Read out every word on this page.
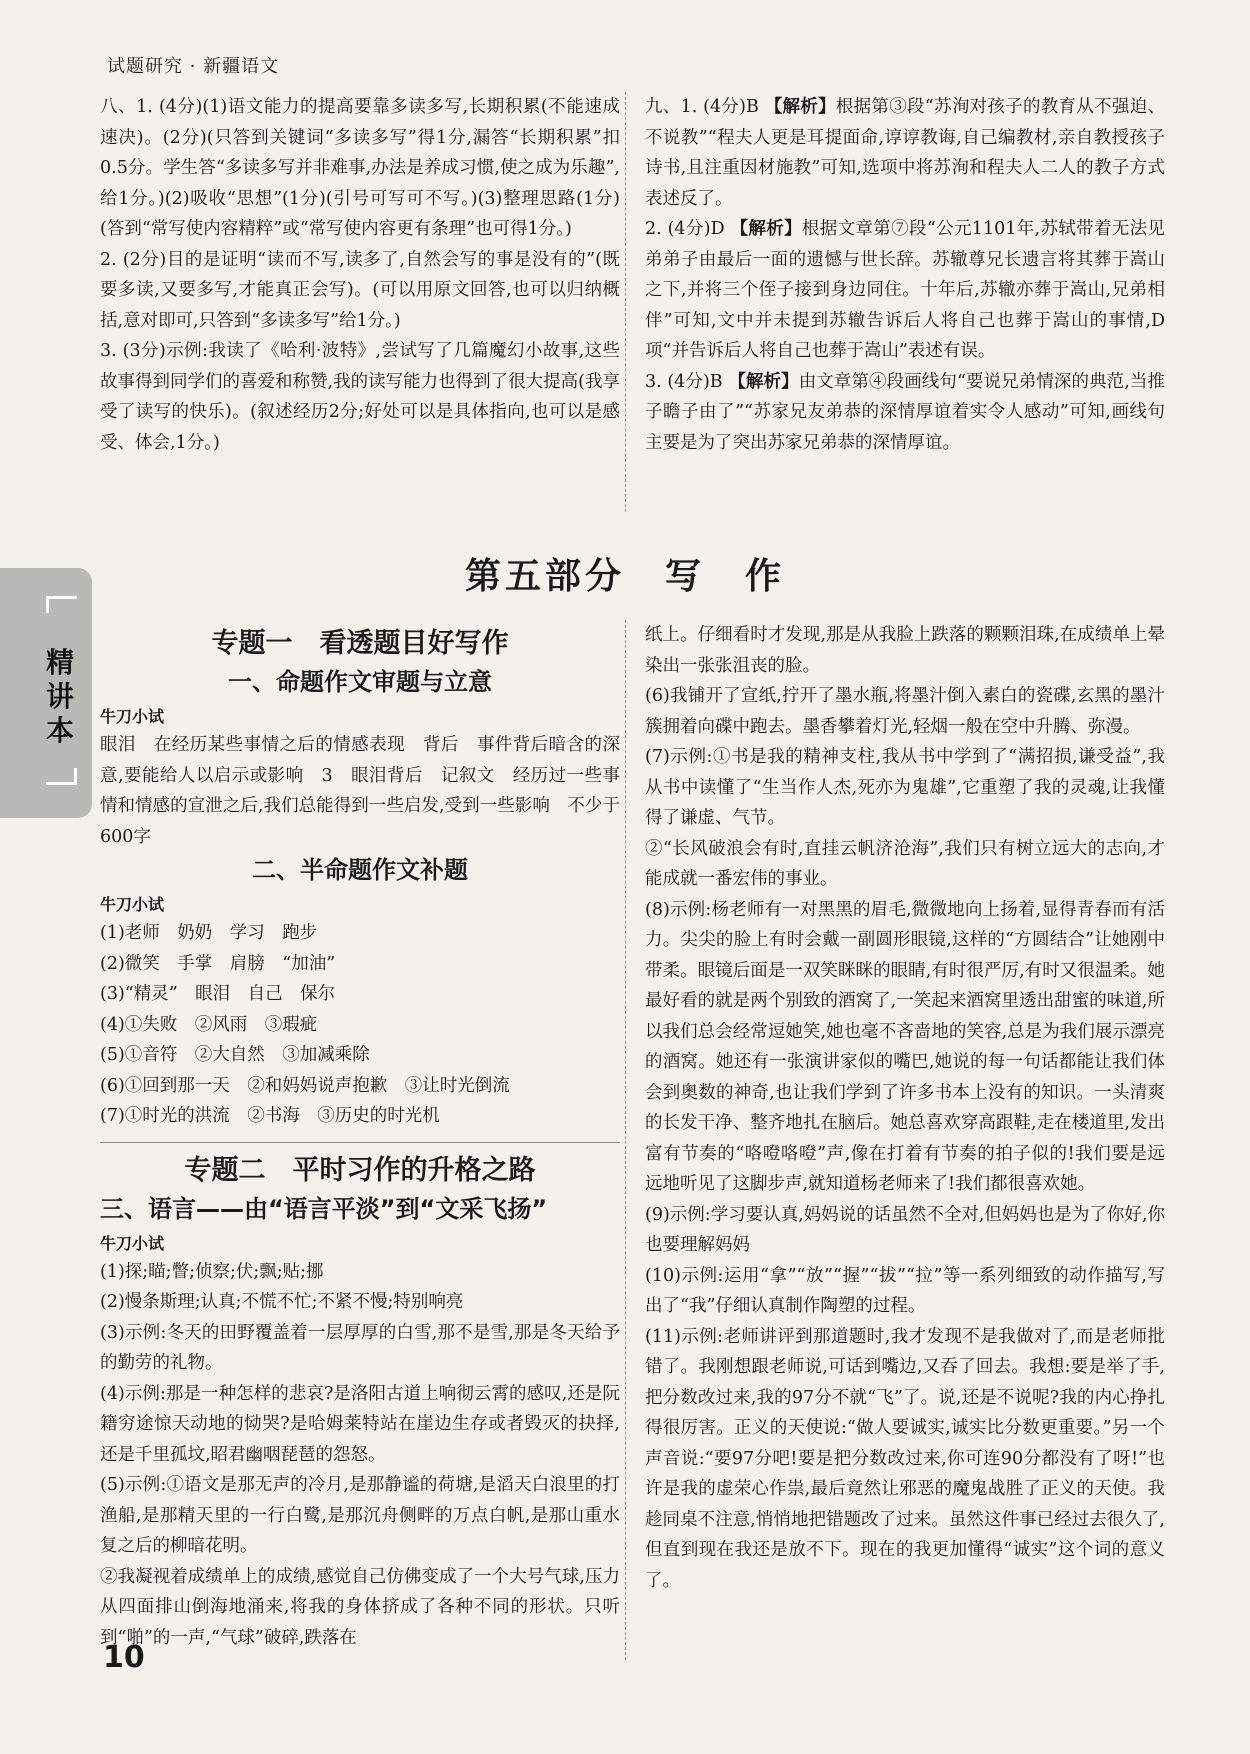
试题研究 · 新疆语文

八、1. (4分)(1)语文能力的提高要靠多读多写,长期积累(不能速成速决)。(2分)(只答到关键词“多读多写”得1分,漏答“长期积累”扣0.5分。学生答“多读多写并非难事,办法是养成习惯,使之成为乐趣”,给1分。)(2)吸收“思想”(1分)(引号可写可不写。)(3)整理思路(1分)(答到“常写使内容精粹”或“常写使内容更有条理”也可得1分。)

2. (2分)目的是证明“读而不写,读多了,自然会写的事是没有的”(既要多读,又要多写,才能真正会写)。(可以用原文回答,也可以归纳概括,意对即可,只答到“多读多写”给1分。)

3. (3分)示例:我读了《哈利·波特》,尝试写了几篇魔幻小故事,这些故事得到同学们的喜爱和称赞,我的读写能力也得到了很大提高(我享受了读写的快乐)。(叙述经历2分;好处可以是具体指向,也可以是感受、体会,1分。)

九、1. (4分)B 【解析】根据第③段“苏洵对孩子的教育从不强迫、不说教”“程夫人更是耳提面命,谆谆教诲,自己编教材,亲自教授孩子诗书,且注重因材施教”可知,选项中将苏洵和程夫人二人的教子方式表述反了。

2. (4分)D 【解析】根据文章第⑦段“公元1101年,苏轼带着无法见弟弟子由最后一面的遗憾与世长辞。苏辙尊兄长遗言将其葬于嵩山之下,并将三个侄子接到身边同住。十年后,苏辙亦葬于嵩山,兄弟相伴”可知,文中并未提到苏辙告诉后人将自己也葬于嵩山的事情,D项“并告诉后人将自己也葬于嵩山”表述有误。

3. (4分)B 【解析】由文章第④段画线句“要说兄弟情深的典范,当推子瞻子由了”“苏家兄友弟恭的深情厚谊着实令人感动”可知,画线句主要是为了突出苏家兄弟恭的深情厚谊。

第五部分　写　作
精
讲
本
专题一　看透题目好写作
一、命题作文审题与立意
牛刀小试

眼泪　在经历某些事情之后的情感表现　背后　事件背后暗含的深意,要能给人以启示或影响　3　眼泪背后　记叙文　经历过一些事情和情感的宣泄之后,我们总能得到一些启发,受到一些影响　不少于600字

二、半命题作文补题
牛刀小试

(1)老师　奶奶　学习　跑步

(2)微笑　手掌　肩膀　“加油”

(3)“精灵”　眼泪　自己　保尔

(4)①失败　②风雨　③瑕疵

(5)①音符　②大自然　③加减乘除

(6)①回到那一天　②和妈妈说声抱歉　③让时光倒流

(7)①时光的洪流　②书海　③历史的时光机

专题二　平时习作的升格之路
三、语言——由“语言平淡”到“文采飞扬”
牛刀小试

(1)探;瞄;瞥;侦察;伏;飘;贴;挪

(2)慢条斯理;认真;不慌不忙;不紧不慢;特别响亮

(3)示例:冬天的田野覆盖着一层厚厚的白雪,那不是雪,那是冬天给予的勤劳的礼物。

(4)示例:那是一种怎样的悲哀?是洛阳古道上响彻云霄的感叹,还是阮籍穷途惊天动地的恸哭?是哈姆莱特站在崖边生存或者毁灭的抉择,还是千里孤坟,昭君幽咽琵琶的怨怒。

(5)示例:①语文是那无声的冷月,是那静谧的荷塘,是滔天白浪里的打渔船,是那精天里的一行白鹭,是那沉舟侧畔的万点白帆,是那山重水复之后的柳暗花明。

②我凝视着成绩单上的成绩,感觉自己仿佛变成了一个大号气球,压力从四面排山倒海地涌来,将我的身体挤成了各种不同的形状。只听到“啪”的一声,“气球”破碎,跌落在

纸上。仔细看时才发现,那是从我脸上跌落的颗颗泪珠,在成绩单上晕染出一张张沮丧的脸。

(6)我铺开了宣纸,拧开了墨水瓶,将墨汁倒入素白的瓷碟,玄黑的墨汁簇拥着向碟中跑去。墨香攀着灯光,轻烟一般在空中升腾、弥漫。

(7)示例:①书是我的精神支柱,我从书中学到了“满招损,谦受益”,我从书中读懂了“生当作人杰,死亦为鬼雄”,它重塑了我的灵魂,让我懂得了谦虚、气节。

②“长风破浪会有时,直挂云帆济沧海”,我们只有树立远大的志向,才能成就一番宏伟的事业。

(8)示例:杨老师有一对黑黑的眉毛,微微地向上扬着,显得青春而有活力。尖尖的脸上有时会戴一副圆形眼镜,这样的“方圆结合”让她刚中带柔。眼镜后面是一双笑眯眯的眼睛,有时很严厉,有时又很温柔。她最好看的就是两个别致的酒窝了,一笑起来酒窝里透出甜蜜的味道,所以我们总会经常逗她笑,她也毫不吝啬地的笑容,总是为我们展示漂亮的酒窝。她还有一张演讲家似的嘴巴,她说的每一句话都能让我们体会到奥数的神奇,也让我们学到了许多书本上没有的知识。一头清爽的长发干净、整齐地扎在脑后。她总喜欢穿高跟鞋,走在楼道里,发出富有节奏的“咯噔咯噔”声,像在打着有节奏的拍子似的!我们要是远远地听见了这脚步声,就知道杨老师来了!我们都很喜欢她。

(9)示例:学习要认真,妈妈说的话虽然不全对,但妈妈也是为了你好,你也要理解妈妈

(10)示例:运用“拿”“放”“握”“拔”“拉”等一系列细致的动作描写,写出了“我”仔细认真制作陶塑的过程。

(11)示例:老师讲评到那道题时,我才发现不是我做对了,而是老师批错了。我刚想跟老师说,可话到嘴边,又吞了回去。我想:要是举了手,把分数改过来,我的97分不就“飞”了。说,还是不说呢?我的内心挣扎得很厉害。正义的天使说:“做人要诚实,诚实比分数更重要。”另一个声音说:“要97分吧!要是把分数改过来,你可连90分都没有了呀!”也许是我的虚荣心作祟,最后竟然让邪恶的魔鬼战胜了正义的天使。我趁同桌不注意,悄悄地把错题改了过来。虽然这件事已经过去很久了,但直到现在我还是放不下。现在的我更加懂得“诚实”这个词的意义了。

10
